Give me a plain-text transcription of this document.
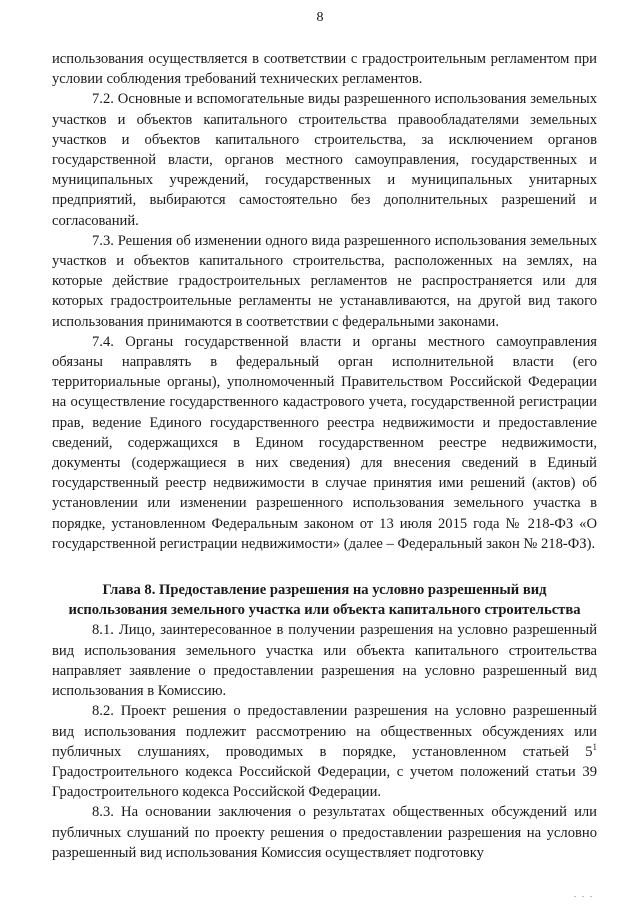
8

использования осуществляется в соответствии с градостроительным регламентом при условии соблюдения требований технических регламентов.

7.2. Основные и вспомогательные виды разрешенного использования земельных участков и объектов капитального строительства правообладателями земельных участков и объектов капитального строительства, за исключением органов государственной власти, органов местного самоуправления, государственных и муниципальных учреждений, государственных и муниципальных унитарных предприятий, выбираются самостоятельно без дополнительных разрешений и согласований.

7.3. Решения об изменении одного вида разрешенного использования земельных участков и объектов капитального строительства, расположенных на землях, на которые действие градостроительных регламентов не распространяется или для которых градостроительные регламенты не устанавливаются, на другой вид такого использования принимаются в соответствии с федеральными законами.

7.4. Органы государственной власти и органы местного самоуправления обязаны направлять в федеральный орган исполнительной власти (его территориальные органы), уполномоченный Правительством Российской Федерации на осуществление государственного кадастрового учета, государственной регистрации прав, ведение Единого государственного реестра недвижимости и предоставление сведений, содержащихся в Едином государственном реестре недвижимости, документы (содержащиеся в них сведения) для внесения сведений в Единый государственный реестр недвижимости в случае принятия ими решений (актов) об установлении или изменении разрешенного использования земельного участка в порядке, установленном Федеральным законом от 13 июля 2015 года № 218-ФЗ «О государственной регистрации недвижимости» (далее – Федеральный закон № 218-ФЗ).

Глава 8. Предоставление разрешения на условно разрешенный вид использования земельного участка или объекта капитального строительства

8.1. Лицо, заинтересованное в получении разрешения на условно разрешенный вид использования земельного участка или объекта капитального строительства направляет заявление о предоставлении разрешения на условно разрешенный вид использования в Комиссию.

8.2. Проект решения о предоставлении разрешения на условно разрешенный вид использования подлежит рассмотрению на общественных обсуждениях или публичных слушаниях, проводимых в порядке, установленном статьей $5^1$ Градостроительного кодекса Российской Федерации, с учетом положений статьи 39 Градостроительного кодекса Российской Федерации.

8.3. На основании заключения о результатах общественных обсуждений или публичных слушаний по проекту решения о предоставлении разрешения на условно разрешенный вид использования Комиссия осуществляет подготовку

. . .
